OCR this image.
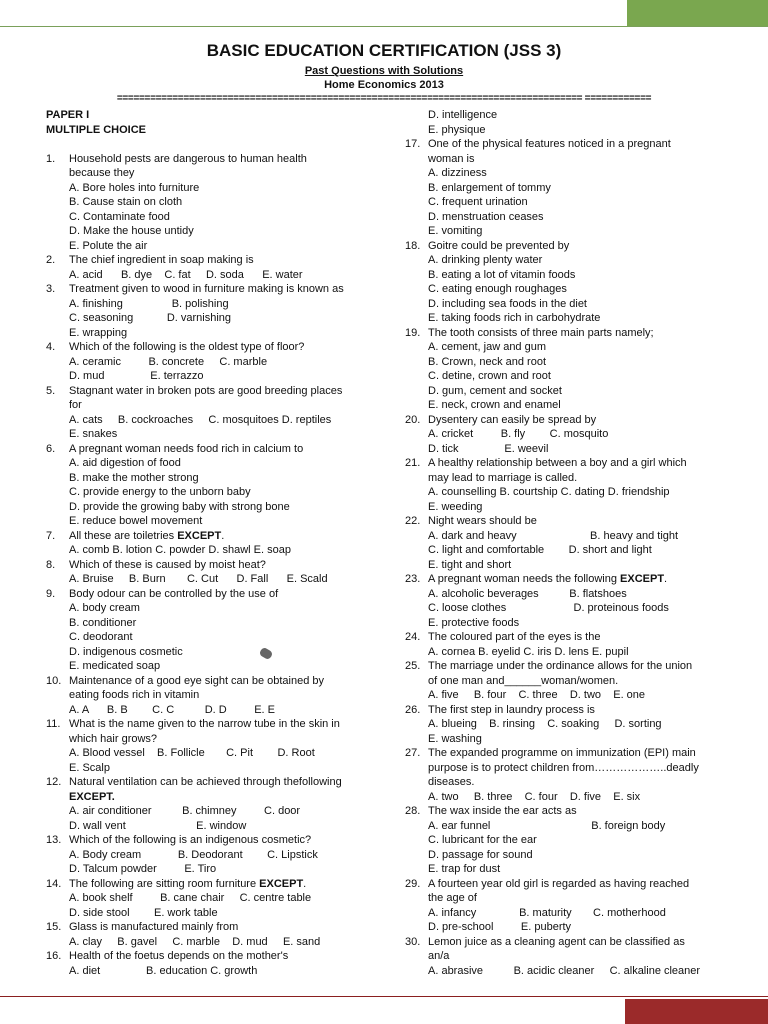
BASIC EDUCATION CERTIFICATION (JSS 3)
Past Questions with Solutions
Home Economics 2013
==================================================================================== ============
PAPER I
MULTIPLE CHOICE
1. Household pests are dangerous to human health
because they
A. Bore holes into furniture
B. Cause stain on cloth
C. Contaminate food
D. Make the house untidy
E. Polute the air
2. The chief ingredient in soap making is
A. acid      B. dye    C. fat     D. soda      E. water
3. Treatment given to wood in furniture making is known as
A. finishing                B. polishing
C. seasoning           D. varnishing
E. wrapping
4. Which of the following is the oldest type of floor?
A. ceramic         B. concrete     C. marble
D. mud               E. terrazzo
5. Stagnant water in broken pots are good breeding places
for
A. cats     B. cockroaches     C. mosquitoes D. reptiles
E. snakes
6. A pregnant woman needs food rich in calcium to
A. aid digestion of food
B. make the mother strong
C. provide energy to the unborn baby
D. provide the growing baby with strong bone
E. reduce bowel movement
7. All these are toiletries EXCEPT.
A. comb B. lotion C. powder D. shawl E. soap
8. Which of these is caused by moist heat?
A. Bruise     B. Burn       C. Cut      D. Fall      E. Scald
9. Body odour can be controlled by the use of
A. body cream
B. conditioner
C. deodorant
D. indigenous cosmetic
E. medicated soap
10. Maintenance of a good eye sight can be obtained by
eating foods rich in vitamin
A. A      B. B        C. C          D. D         E. E
11. What is the name given to the narrow tube in the skin in
which hair grows?
A. Blood vessel    B. Follicle       C. Pit        D. Root
E. Scalp
12. Natural ventilation can be achieved through thefollowing
EXCEPT.
A. air conditioner          B. chimney         C. door
D. wall vent                       E. window
13. Which of the following is an indigenous cosmetic?
A. Body cream            B. Deodorant        C. Lipstick
D. Talcum powder         E. Tiro
14. The following are sitting room furniture EXCEPT.
A. book shelf         B. cane chair     C. centre table
D. side stool        E. work table
15. Glass is manufactured mainly from
A. clay     B. gavel     C. marble    D. mud     E. sand
16. Health of the foetus depends on the mother's
A. diet               B. education C. growth
D. intelligence
E. physique
17. One of the physical features noticed in a pregnant
woman is
A. dizziness
B. enlargement of tommy
C. frequent urination
D. menstruation ceases
E. vomiting
18. Goitre could be prevented by
A. drinking plenty water
B. eating a lot of vitamin foods
C. eating enough roughages
D. including sea foods in the diet
E. taking foods rich in carbohydrate
19. The tooth consists of three main parts namely;
A. cement, jaw and gum
B. Crown, neck and root
C. detine, crown and root
D. gum, cement and socket
E. neck, crown and enamel
20. Dysentery can easily be spread by
A. cricket         B. fly        C. mosquito
D. tick               E. weevil
21. A healthy relationship between a boy and a girl which
may lead to marriage is called.
A. counselling B. courtship C. dating D. friendship
E. weeding
22. Night wears should be
A. dark and heavy                        B. heavy and tight
C. light and comfortable        D. short and light
E. tight and short
23. A pregnant woman needs the following EXCEPT.
A. alcoholic beverages          B. flatshoes
C. loose clothes                      D. proteinous foods
E. protective foods
24. The coloured part of the eyes is the
A. cornea B. eyelid C. iris D. lens E. pupil
25. The marriage under the ordinance allows for the union
of one man and______woman/women.
A. five     B. four    C. three    D. two    E. one
26. The first step in laundry process is
A. blueing    B. rinsing    C. soaking     D. sorting
E. washing
27. The expanded programme on immunization (EPI) main
purpose is to protect children from………………..deadly
diseases.
A. two     B. three    C. four    D. five    E. six
28. The wax inside the ear acts as
A. ear funnel                                 B. foreign body
C. lubricant for the ear
D. passage for sound
E. trap for dust
29. A fourteen year old girl is regarded as having reached
the age of
A. infancy              B. maturity       C. motherhood
D. pre-school         E. puberty
30. Lemon juice as a cleaning agent can be classified as
an/a
A. abrasive          B. acidic cleaner     C. alkaline cleaner
